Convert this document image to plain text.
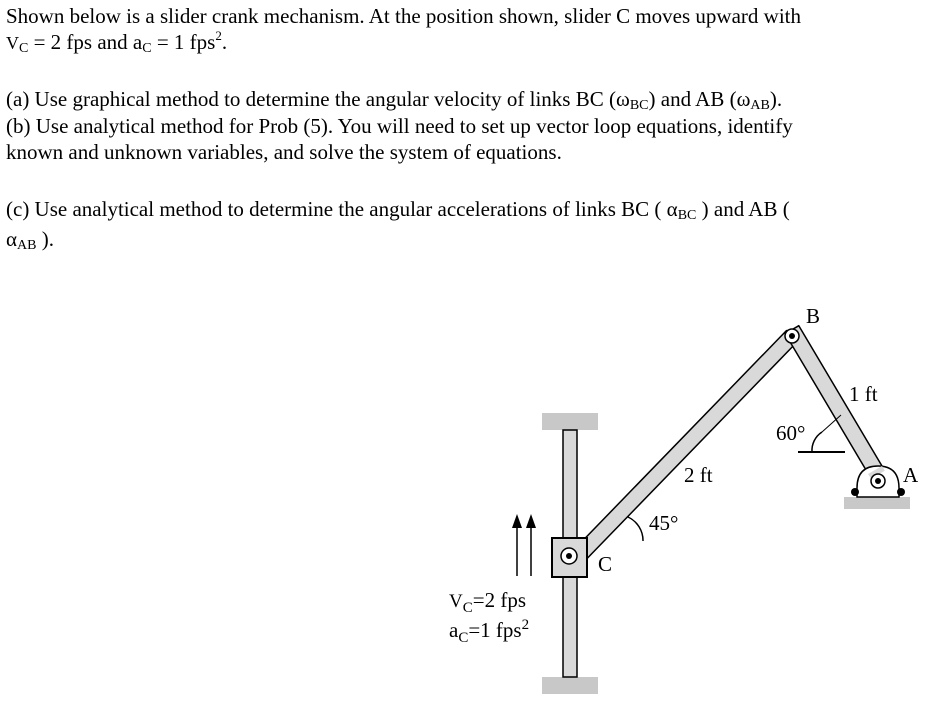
Shown below is a slider crank mechanism. At the position shown, slider C moves upward with
$V_C = 2$ fps and $a_C = 1$ fps$^2$.
(a) Use graphical method to determine the angular velocity of links BC $(\omega_{BC})$ and AB $(\omega_{AB})$.
(b) Use analytical method for Prob (5). You will need to set up vector loop equations, identify
known and unknown variables, and solve the system of equations.
(c) Use analytical method to determine the angular accelerations of links BC ( $\alpha_{BC}$ ) and AB (
$\alpha_{AB}$ ).
60°
45°
B
A
C
1 ft
2 ft
VC=2 fps
aC=1 fps2
